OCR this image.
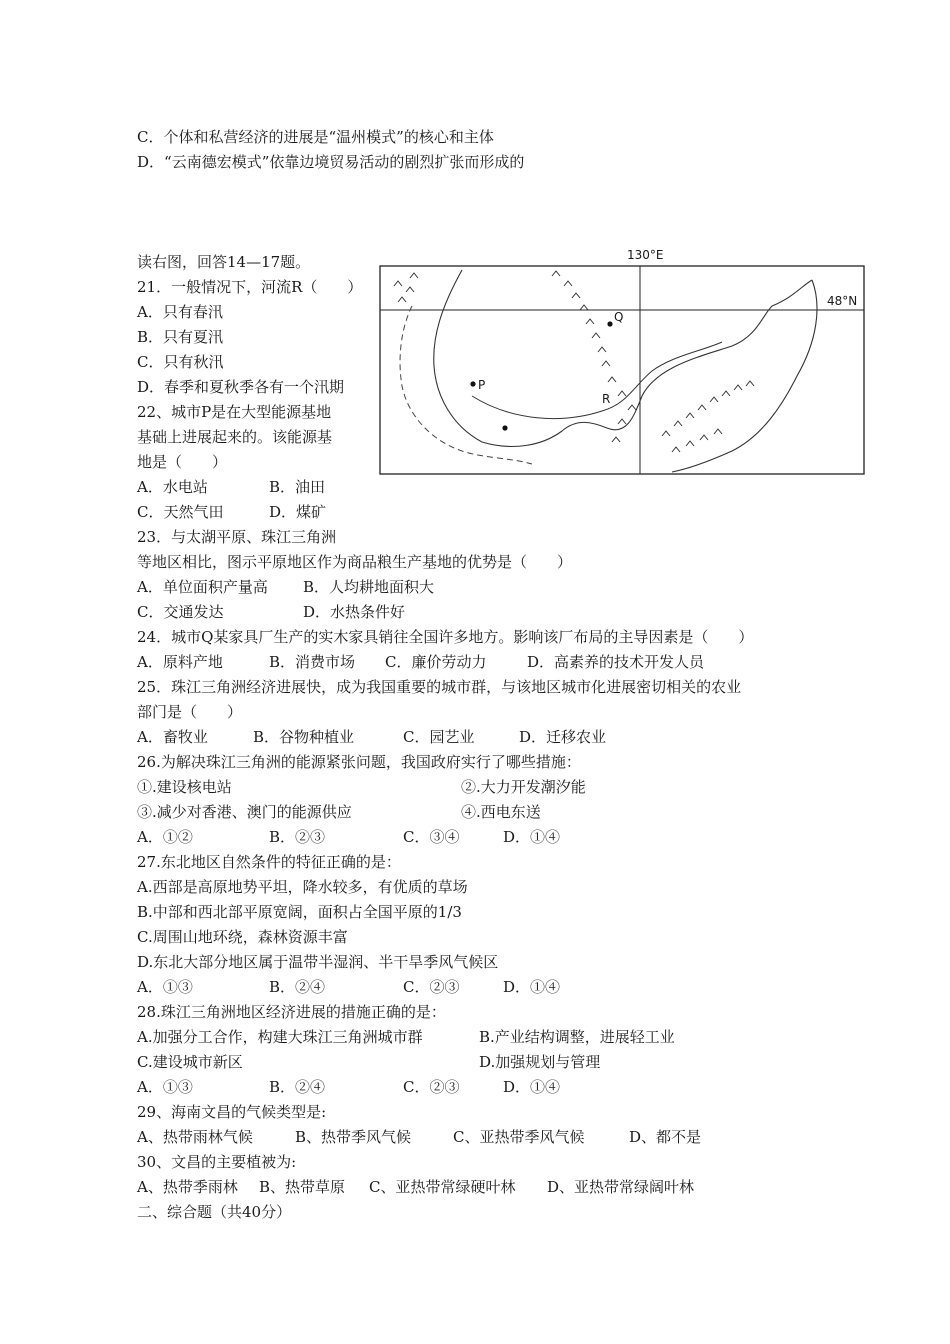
C．个体和私营经济的进展是“温州模式”的核心和主体
D．“云南德宏模式”依靠边境贸易活动的剧烈扩张而形成的
读右图，回答14—17题。	130°E
48°N
P
Q
R
21．一般情况下，河流R（　　）
A．只有春汛
B．只有夏汛
C．只有秋汛
D．春季和夏秋季各有一个汛期
22、城市P是在大型能源基地
基础上进展起来的。该能源基
地是（　　）
A．水电站	B．油田
C．天然气田	D．煤矿
23．与太湖平原、珠江三角洲
等地区相比，图示平原地区作为商品粮生产基地的优势是（　　）
A．单位面积产量高 B．人均耕地面积大
C．交通发达	D．水热条件好
24．城市Q某家具厂生产的实木家具销往全国许多地方。影响该厂布局的主导因素是（　　）
A．原料产地	B．消费市场 C．廉价劳动力	D．高素养的技术开发人员
25．珠江三角洲经济进展快，成为我国重要的城市群，与该地区城市化进展密切相关的农业
部门是（　　）
A．畜牧业	B．谷物种植业	C．园艺业	D．迁移农业
26.为解决珠江三角洲的能源紧张问题，我国政府实行了哪些措施：
①.建设核电站	②.大力开发潮汐能
③.减少对香港、澳门的能源供应	④.西电东送
A．①②	B．②③	C．③④	D．①④
27.东北地区自然条件的特征正确的是：
A.西部是高原地势平坦，降水较多，有优质的草场
B.中部和西北部平原宽阔，面积占全国平原的1/3
C.周围山地环绕，森林资源丰富
D.东北大部分地区属于温带半湿润、半干旱季风气候区
A．①③	B．②④	C．②③	D．①④
28.珠江三角洲地区经济进展的措施正确的是：
A.加强分工合作，构建大珠江三角洲城市群	B.产业结构调整，进展轻工业
C.建设城市新区	D.加强规划与管理
A．①③	B．②④	C．②③	D．①④
29、海南文昌的气候类型是:
A、热带雨林气候	B、热带季风气候	C、亚热带季风气候	D、都不是
30、文昌的主要植被为:
A、热带季雨林 B、热带草原 C、亚热带常绿硬叶林 D、亚热带常绿阔叶林
二、综合题（共40分）
